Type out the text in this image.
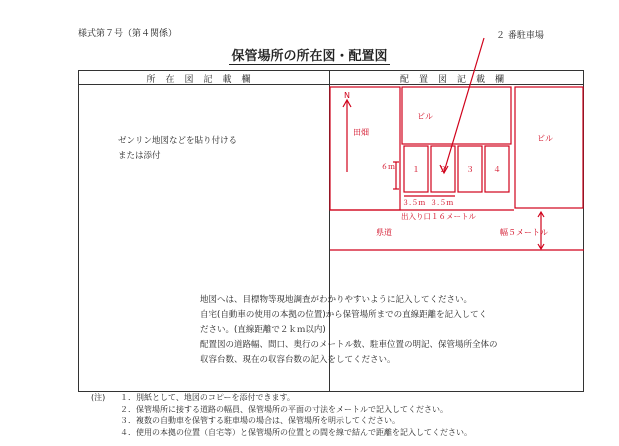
様式第７号（第４関係）	２ 番駐車場
保管場所の所在図・配置図
所在図記載欄	配置図記載欄
ゼンリン地図などを貼り付ける
または添付
N
田畑
ビル
ビル
６ｍ １ ２ ３ ４
３.５ｍ ３.５ｍ
出入り口１６メートル
県道	幅５メートル
地図へは、目標物等現地調査がわかりやすいように記入してください。
自宅(自動車の使用の本拠の位置)から保管場所までの直線距離を記入してく
ださい。(直線距離で２ｋｍ以内)
配置図の道路幅、間口、奥行のメートル数、駐車位置の明記、保管場所全体の
収容台数、現在の収容台数の記入をしてください。
(注) １．別紙として、地図のコピーを添付できます。
２．保管場所に接する道路の幅員、保管場所の平面の寸法をメートルで記入してください。
３．複数の自動車を保管する駐車場の場合は、保管場所を明示してください。
４．使用の本拠の位置（自宅等）と保管場所の位置との間を線で結んで距離を記入してください。
